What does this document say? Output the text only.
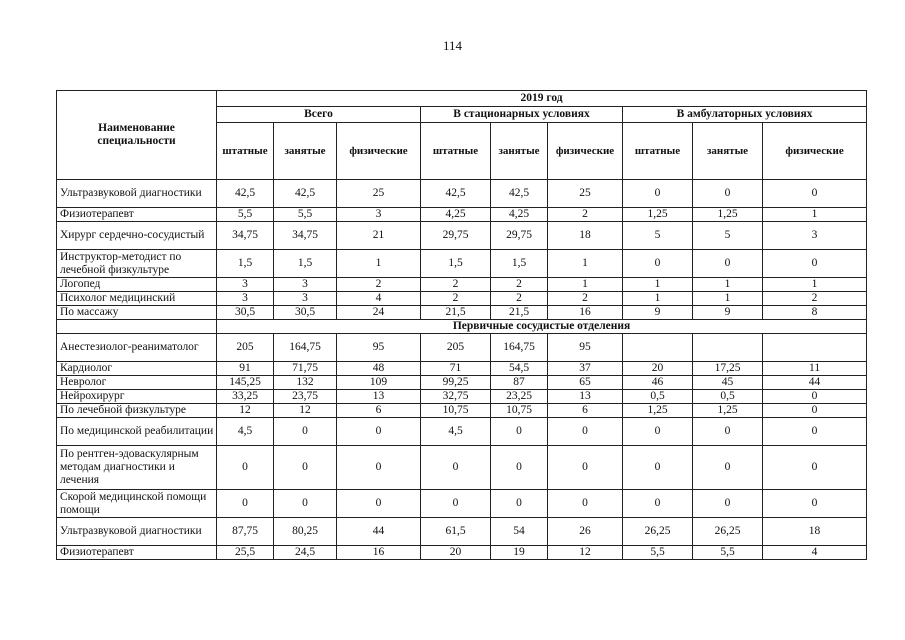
114
Наименование специальности	2019 год								
	Всего			В стационарных условиях			В амбулаторных условиях		
	штатные	занятые	физические	штатные	занятые	физические	штатные	занятые	физические
Ультразвуковой диагностики	42,5	42,5	25	42,5	42,5	25	0	0	0
Физиотерапевт	5,5	5,5	3	4,25	4,25	2	1,25	1,25	1
Хирург сердечно-сосудистый	34,75	34,75	21	29,75	29,75	18	5	5	3
Инструктор-методист по лечебной физкультуре	1,5	1,5	1	1,5	1,5	1	0	0	0
Логопед	3	3	2	2	2	1	1	1	1
Психолог медицинский	3	3	4	2	2	2	1	1	2
По массажу	30,5	30,5	24	21,5	21,5	16	9	9	8
	Первичные сосудистые отделения								
Анестезиолог-реаниматолог	205	164,75	95	205	164,75	95			
Кардиолог	91	71,75	48	71	54,5	37	20	17,25	11
Невролог	145,25	132	109	99,25	87	65	46	45	44
Нейрохирург	33,25	23,75	13	32,75	23,25	13	0,5	0,5	0
По лечебной физкультуре	12	12	6	10,75	10,75	6	1,25	1,25	0
По медицинской реабилитации	4,5	0	0	4,5	0	0	0	0	0
По рентген-эдоваскулярным методам диагностики и лечения	0	0	0	0	0	0	0	0	0
Скорой медицинской помощи помощи	0	0	0	0	0	0	0	0	0
Ультразвуковой диагностики	87,75	80,25	44	61,5	54	26	26,25	26,25	18
Физиотерапевт	25,5	24,5	16	20	19	12	5,5	5,5	4
